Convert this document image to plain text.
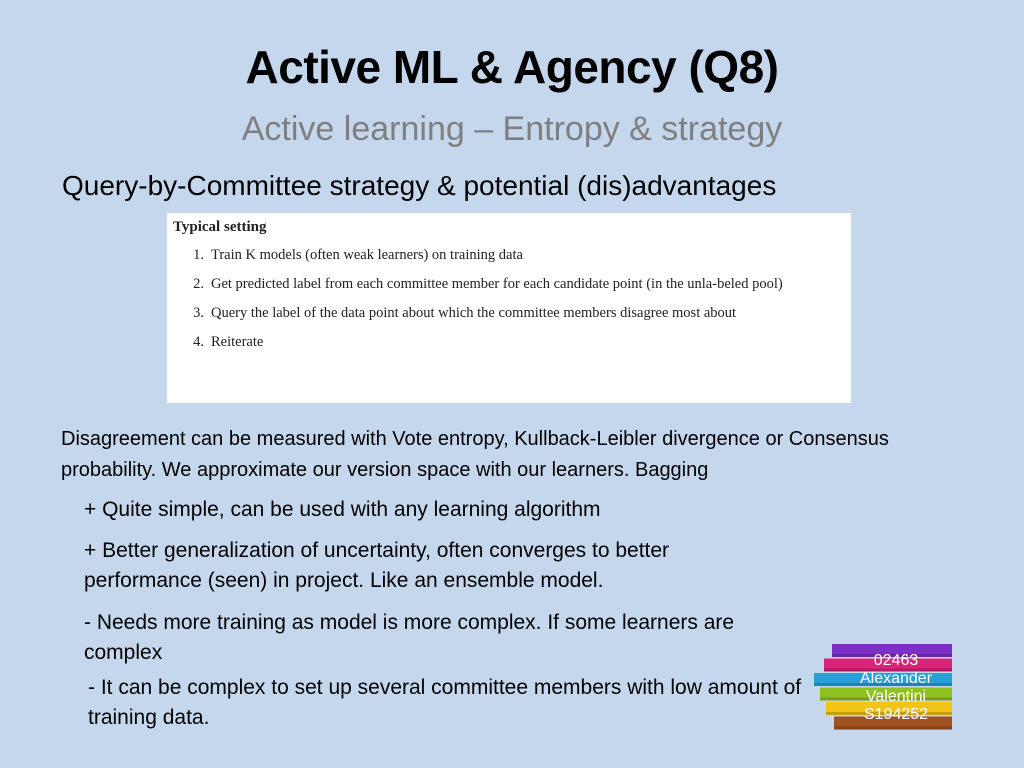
Active ML & Agency (Q8)
Active learning – Entropy & strategy
Query-by-Committee strategy & potential (dis)advantages
Typical setting
1. Train K models (often weak learners) on training data
2. Get predicted label from each committee member for each candidate point (in the unla-beled pool)
3. Query the label of the data point about which the committee members disagree most about
4. Reiterate
Disagreement can be measured with Vote entropy, Kullback-Leibler divergence or Consensus probability. We approximate our version space with our learners. Bagging
+ Quite simple, can be used with any learning algorithm
+ Better generalization of uncertainty, often converges to better performance (seen) in project. Like an ensemble model.
- Needs more training as model is more complex. If some learners are complex
- It can be complex to set up several committee members with low amount of training data.
02463
Alexander
Valentini
S194252
